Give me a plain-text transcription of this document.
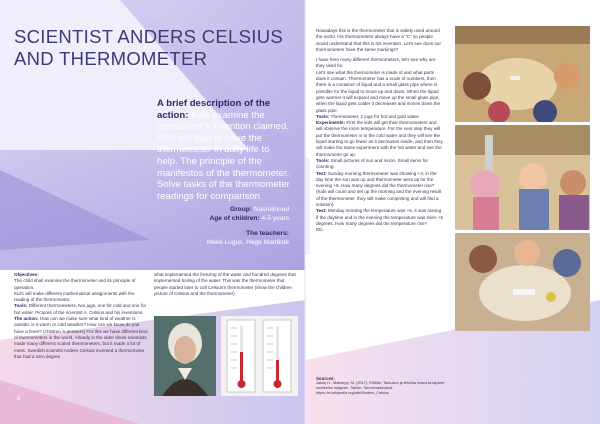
SCIENTIST ANDERS CELSIUS AND THERMOMETER
A brief description of the action: Kids examine the researcher's invention claimed. Find out how to have the thermometer in daily life to help. The principle of the manifestos of the thermometer. Solve tasks of the thermometer readings for comparison
Group: Nasrulinnud
Age of children: 4-5 years
The teachers:
Meeli Lugus, Hege Mardiste

Objectives:

The child shall examine the thermometer and its principle of operation.

Kid's will make different mathematical assignments with the reading of the thermometer.

Tools: Different thermometers, two jugs, one for cold and one for hot water. Pictures of the scientist A. Celsius and his inventions.

The action: How can we make sure what kind of weather is outside: is it warm or cold weather? How can we know do you have a fever? (children 's answers) For this we have different kind of thermometers in the world. Already in the older times scientists made many different scaled thermometers, but it made a lot of mess. Swedish scientist Anders Celsius invented a thermometer that had a zero degree

what implemented the freezing of the water and hundred degrees that implemented boiling of the water. This was the thermometer that people started later to call Celsius's thermometer (show the children picture of Celsius and the thermometer)

8

Nowadays this is the thermometer that is widely used around the world. His thermometers always have a "C" so people would understand that this is his invention. Let's see does our thermometers have the same markings?

I have here many different thermometers, let's see why are they used for.

Let's see what the thermometer is made of and what parts does it contain. Thermometer has a scale of numbers, then there is a container of liquid and a small glass pipe where is possible for the liquid to move up and down. When the liquid gets warmer it will expand and move up the small glass pipe, when the liquid gets colder it decreases and moves down the glass pipe.

Tools: Thermometer, 2 jugs for hot and gold water.

Experiments: First the kids will get their thermometers and will observe the room temperature. For the next step they will put the thermometer in to the cold water and they will see the liquid starting to go fewer as it decreases inside, and then they will make the same experiment with the hot water and see the thermometer go up.

Tools: Small pictures of sun and moon. Small items for counting.

Test: Sunday morning thermometer was showing +3, in the day time the sun was up and thermometer went up for the evening +6. How many degrees did the thermometer rise? (Kids will count and set up the morning and the evening result of the thermometer, they will make comprising and will find a solution)

Test: Monday morning the temperature was +5, it was raining if the daytime and in the evening the temperature was risen +5 degrees. How many degrees did the temperature rise?

Etc.

Sources:
Jakarj H., Mattsepp, M. (2017). Rõõlde. Tarkused ja tehnika ressurss lapsele koolieelse haiguste. Tallinn: Tarmeeraamatud.
https://et.wikipedia.org/wiki/Anders_Celsius
